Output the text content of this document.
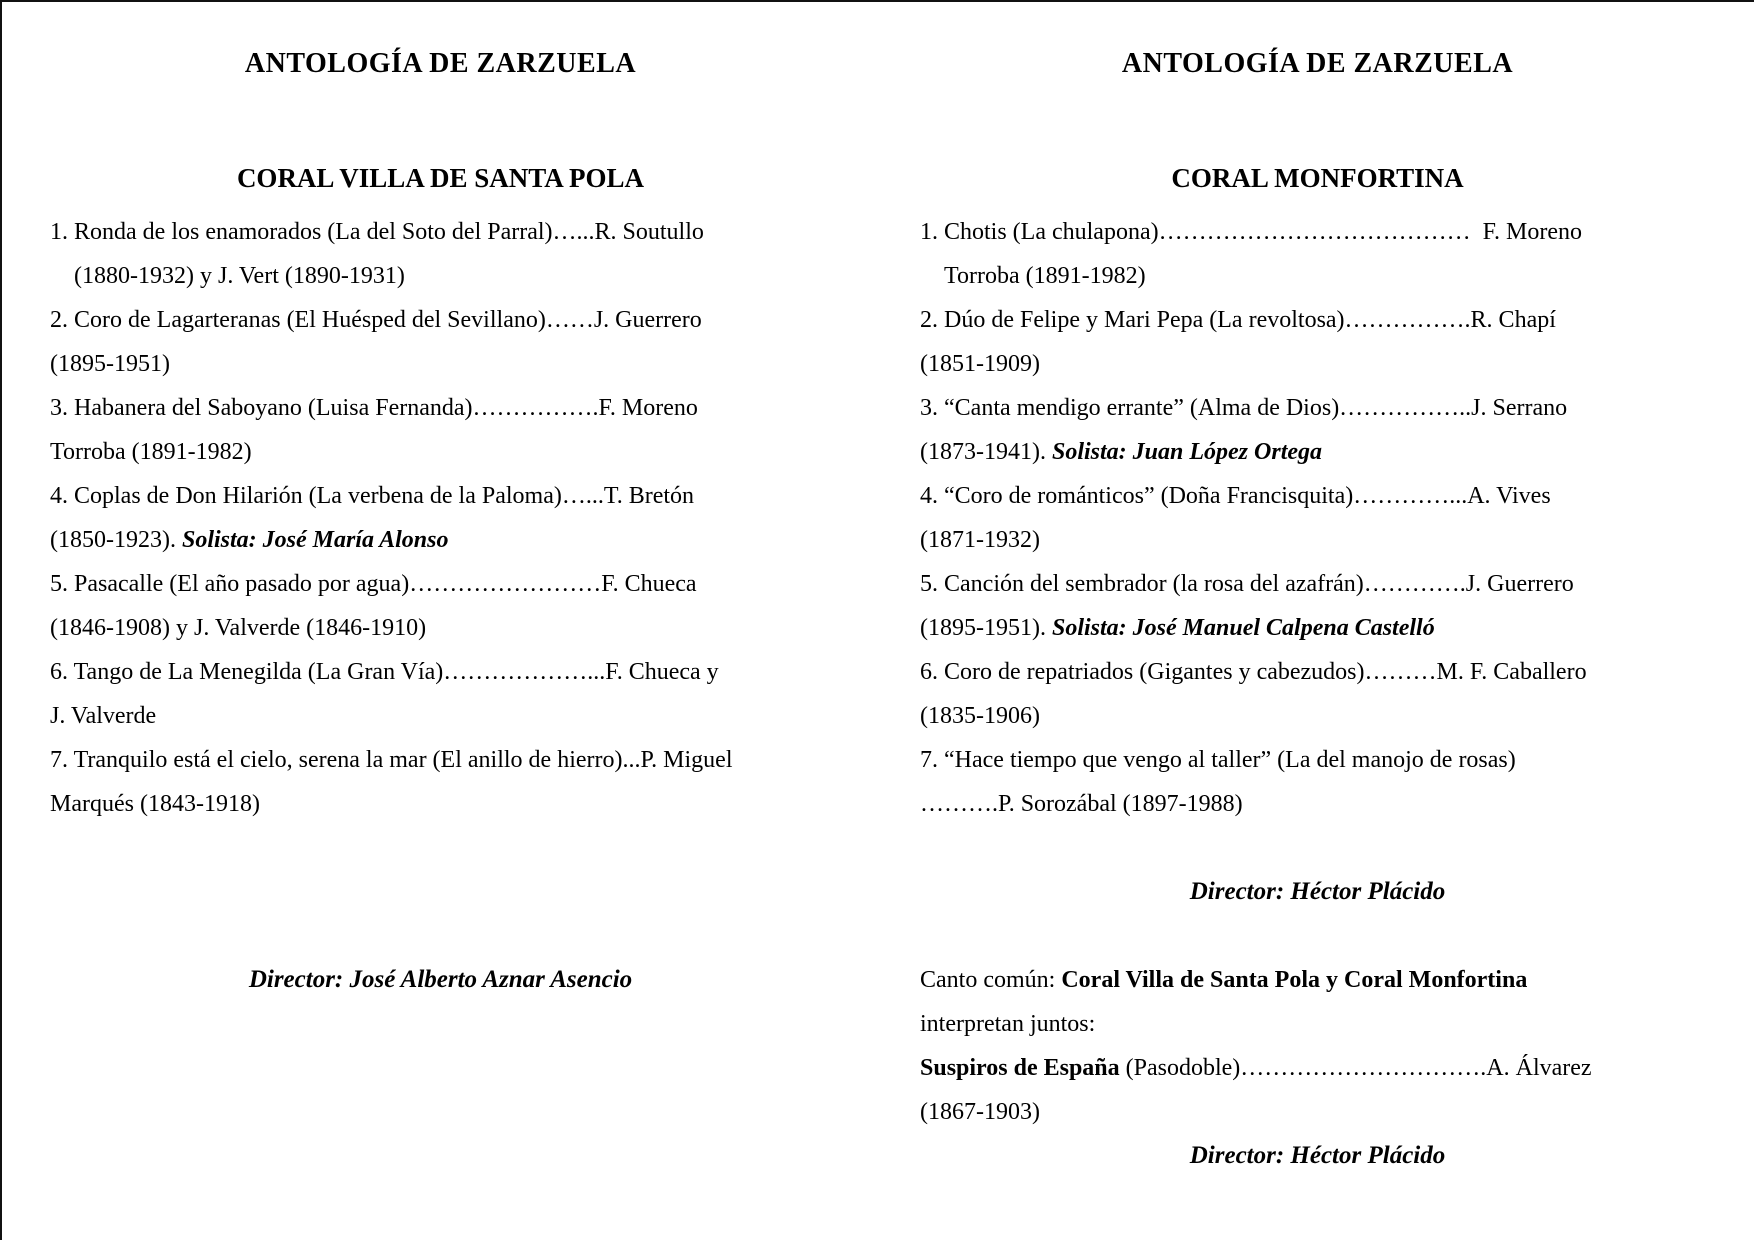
ANTOLOGÍA DE ZARZUELA
CORAL VILLA DE SANTA POLA
1. Ronda de los enamorados (La del Soto del Parral)…...R. Soutullo
(1880-1932) y J. Vert (1890-1931)
2. Coro de Lagarteranas (El Huésped del Sevillano)……J. Guerrero
(1895-1951)
3. Habanera del Saboyano (Luisa Fernanda)…………….F. Moreno
Torroba (1891-1982)
4. Coplas de Don Hilarión (La verbena de la Paloma)…...T. Bretón
(1850-1923). Solista: José María Alonso
5. Pasacalle (El año pasado por agua)……………………F. Chueca
(1846-1908) y J. Valverde (1846-1910)
6. Tango de La Menegilda (La Gran Vía)………………...F. Chueca y
J. Valverde
7. Tranquilo está el cielo, serena la mar (El anillo de hierro)...P. Miguel
Marqués (1843-1918)
Director: José Alberto Aznar Asencio
ANTOLOGÍA DE ZARZUELA
CORAL MONFORTINA
1. Chotis (La chulapona)…………………………………  F. Moreno
Torroba (1891-1982)
2. Dúo de Felipe y Mari Pepa (La revoltosa)…………….R. Chapí
(1851-1909)
3. “Canta mendigo errante” (Alma de Dios)……………..J. Serrano
(1873-1941). Solista: Juan López Ortega
4. “Coro de románticos” (Doña Francisquita)…………...A. Vives
(1871-1932)
5. Canción del sembrador (la rosa del azafrán)………….J. Guerrero
(1895-1951). Solista: José Manuel Calpena Castelló
6. Coro de repatriados (Gigantes y cabezudos)………M. F. Caballero
(1835-1906)
7. “Hace tiempo que vengo al taller” (La del manojo de rosas)
……….P. Sorozábal (1897-1988)
Director: Héctor Plácido
Canto común: Coral Villa de Santa Pola y Coral Monfortina
interpretan juntos:
Suspiros de España (Pasodoble)………………………….A. Álvarez
(1867-1903)
Director: Héctor Plácido
